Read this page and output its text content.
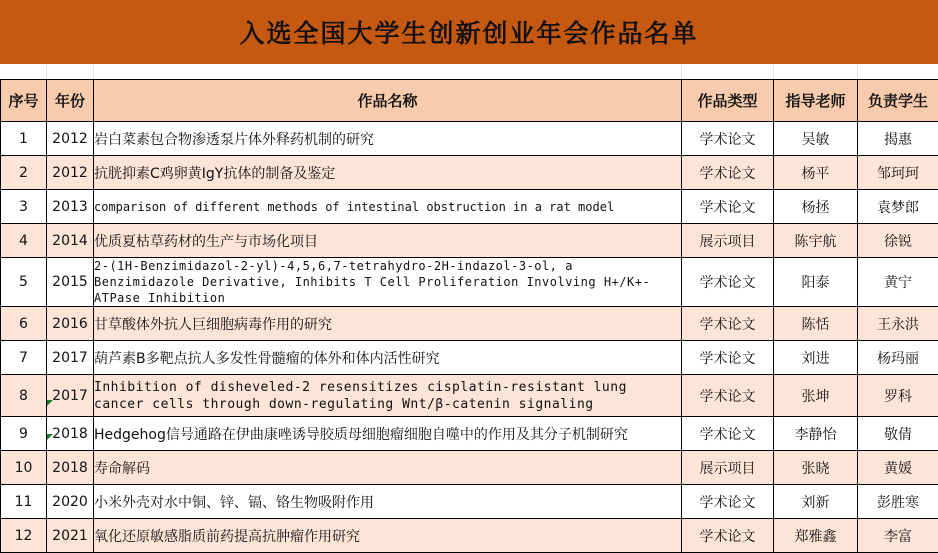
入选全国大学生创新创业年会作品名单
序号	年份	作品名称	作品类型	指导老师	负责学生
1	2012	岩白菜素包合物渗透泵片体外释药机制的研究	学术论文	吴敏	揭惠
2	2012	抗胱抑素C鸡卵黄IgY抗体的制备及鉴定	学术论文	杨平	邹珂珂
3	2013	comparison of different methods of intestinal obstruction in a rat model	学术论文	杨拯	袁梦郎
4	2014	优质夏枯草药材的生产与市场化项目	展示项目	陈宇航	徐锐
5	2015	2-(1H-Benzimidazol-2-yl)-4,5,6,7-tetrahydro-2H-indazol-3-ol, a Benzimidazole Derivative, Inhibits T Cell Proliferation Involving H+/K+-ATPase Inhibition	学术论文	阳泰	黄宁
6	2016	甘草酸体外抗人巨细胞病毒作用的研究	学术论文	陈恬	王永洪
7	2017	葫芦素B多靶点抗人多发性骨髓瘤的体外和体内活性研究	学术论文	刘进	杨玛丽
8	2017	Inhibition of disheveled-2 resensitizes cisplatin-resistant lung cancer cells through down-regulating Wnt/β-catenin signaling	学术论文	张坤	罗科
9	2018	Hedgehog信号通路在伊曲康唑诱导胶质母细胞瘤细胞自噬中的作用及其分子机制研究	学术论文	李静怡	敬倩
10	2018	寿命解码	展示项目	张晓	黄媛
11	2020	小米外壳对水中铜、锌、镉、铬生物吸附作用	学术论文	刘新	彭胜寒
12	2021	氧化还原敏感脂质前药提高抗肿瘤作用研究	学术论文	郑雅鑫	李富
